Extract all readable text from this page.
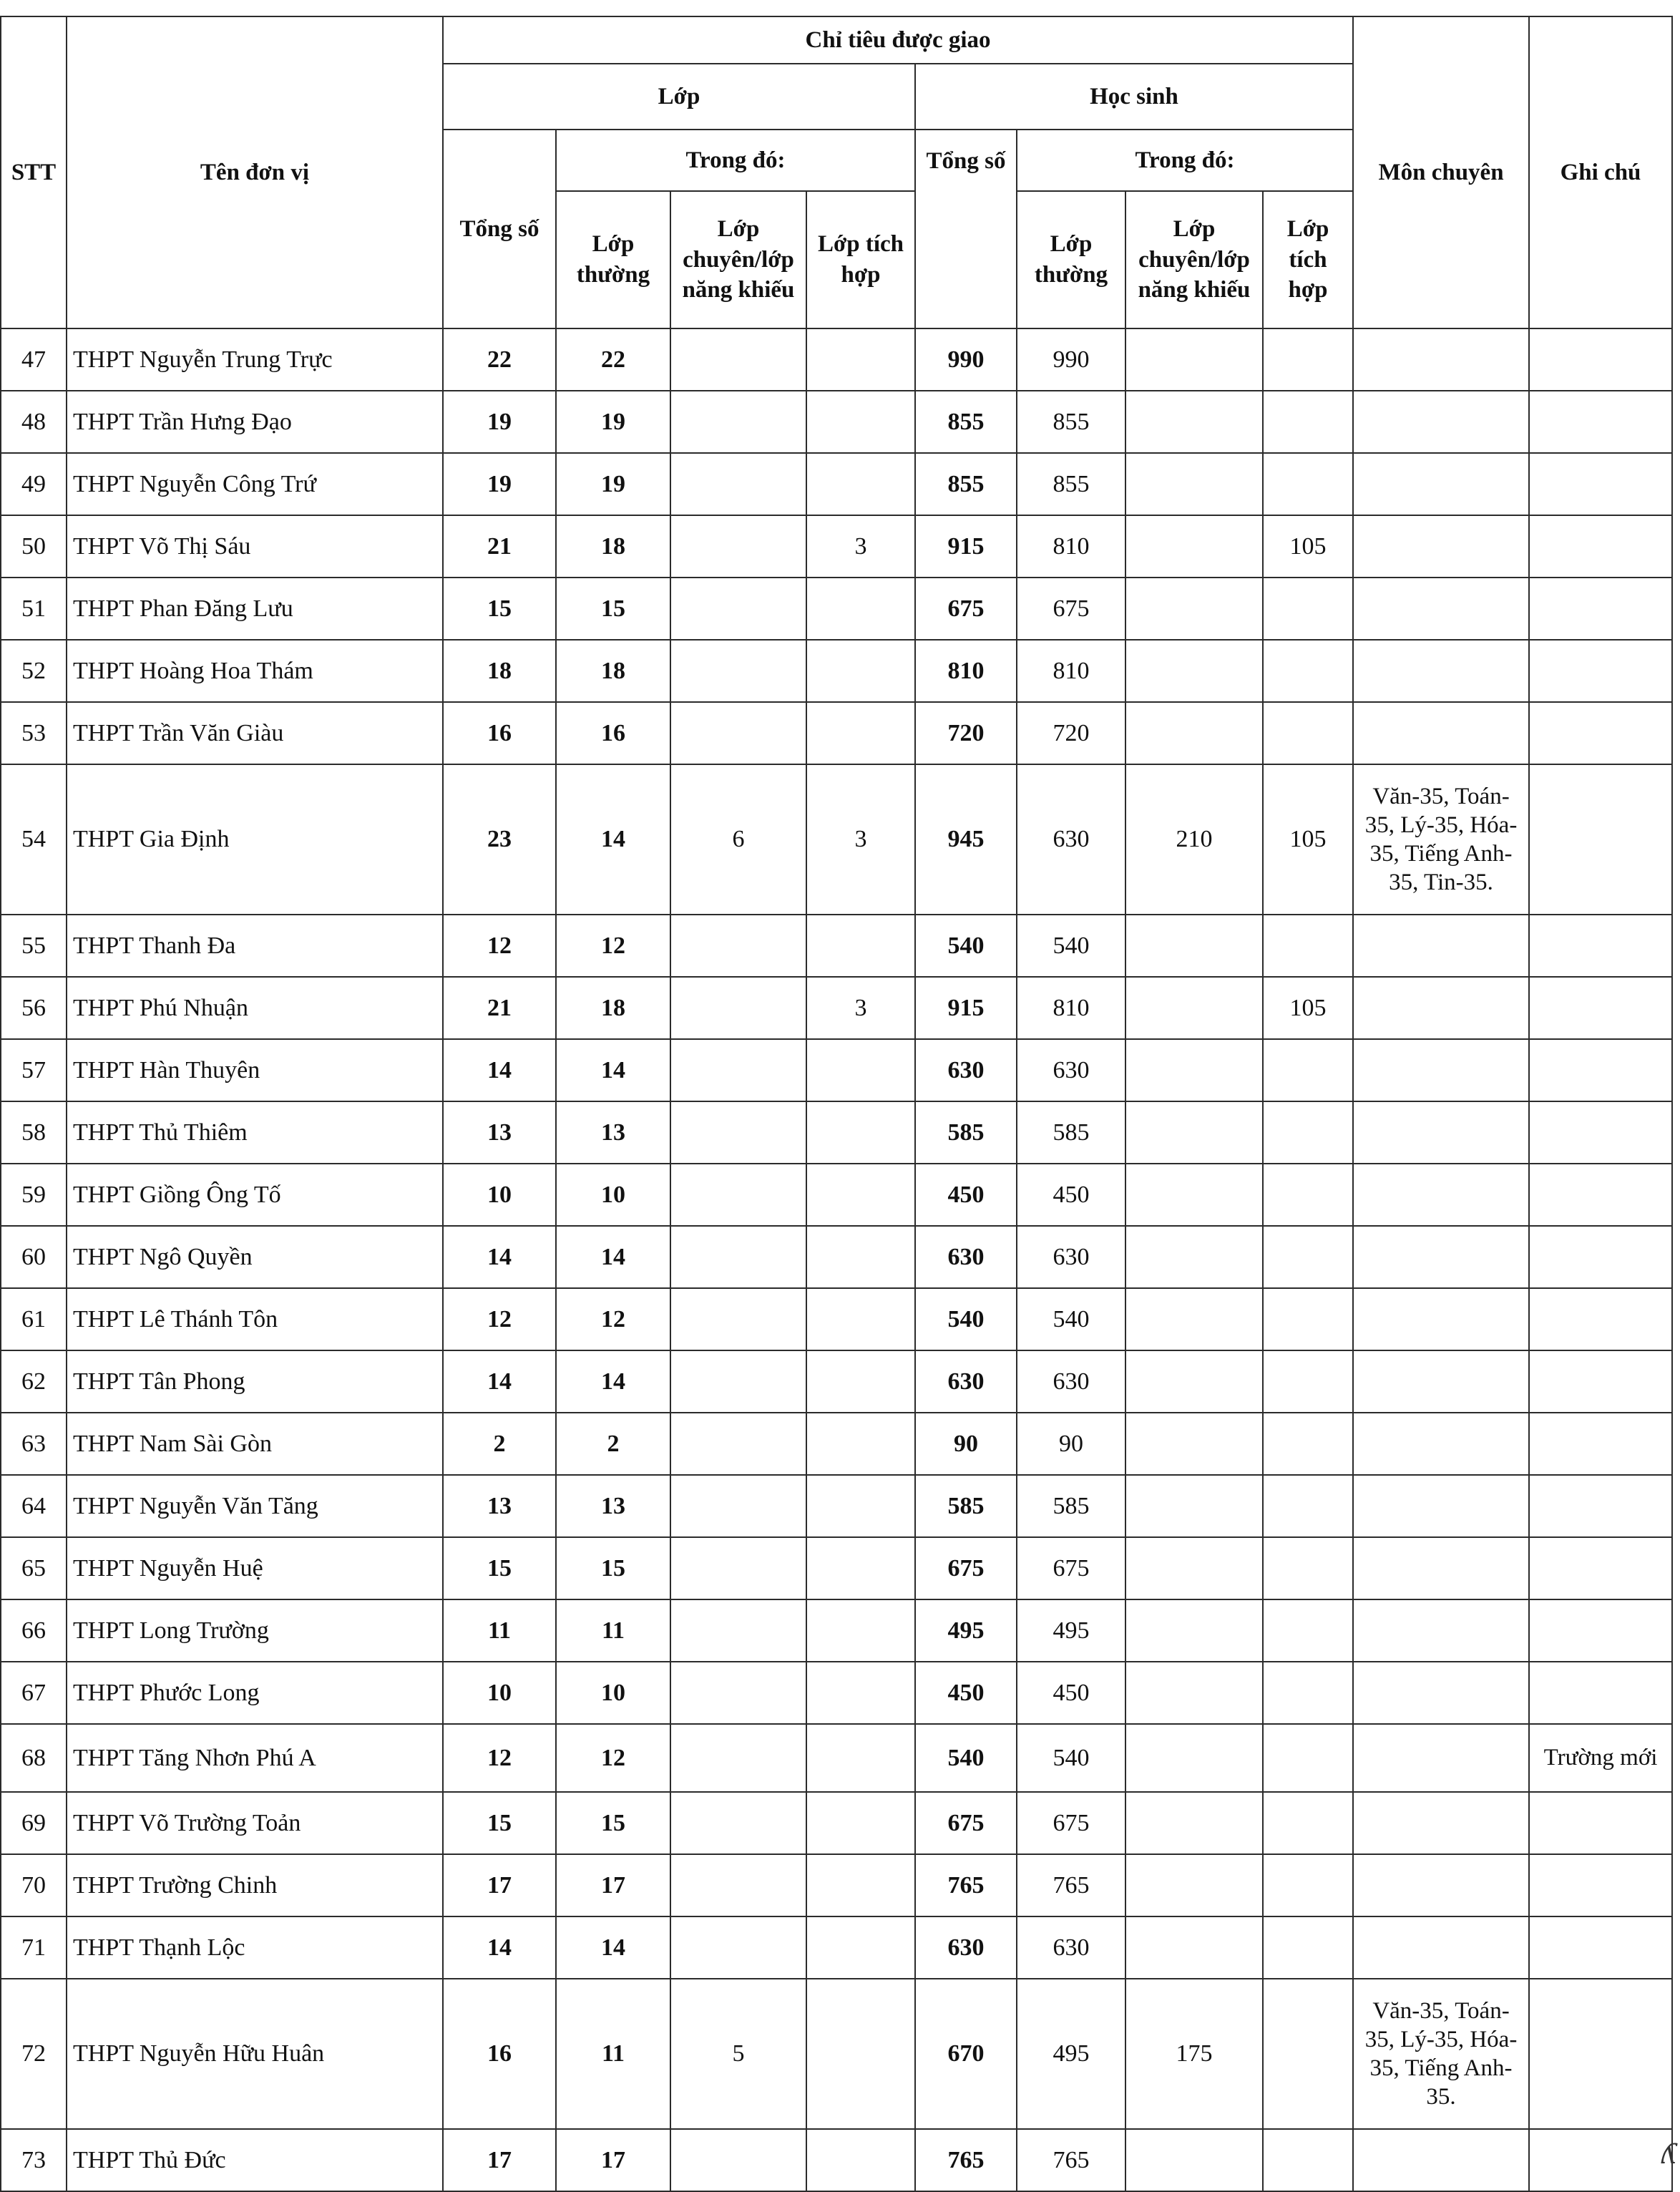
STT	Tên đơn vị	Chỉ tiêu được giao								Môn chuyên	Ghi chú
		Lớp				Học sinh					
		Tổng số	Trong đó:			Tổng số	Trong đó:				
			Lớp thường	Lớp chuyên/lớp năng khiếu	Lớp tích hợp		Lớp thường	Lớp chuyên/lớp năng khiếu	Lớp tích hợp		
47	THPT Nguyễn Trung Trực	22	22			990	990				
48	THPT Trần Hưng Đạo	19	19			855	855				
49	THPT Nguyễn Công Trứ	19	19			855	855				
50	THPT Võ Thị Sáu	21	18		3	915	810		105		
51	THPT Phan Đăng Lưu	15	15			675	675				
52	THPT Hoàng Hoa Thám	18	18			810	810				
53	THPT Trần Văn Giàu	16	16			720	720				
54	THPT Gia Định	23	14	6	3	945	630	210	105	Văn-35, Toán-35, Lý-35, Hóa-35, Tiếng Anh-35, Tin-35.	
55	THPT Thanh Đa	12	12			540	540				
56	THPT Phú Nhuận	21	18		3	915	810		105		
57	THPT Hàn Thuyên	14	14			630	630				
58	THPT Thủ Thiêm	13	13			585	585				
59	THPT Giồng Ông Tố	10	10			450	450				
60	THPT Ngô Quyền	14	14			630	630				
61	THPT Lê Thánh Tôn	12	12			540	540				
62	THPT Tân Phong	14	14			630	630				
63	THPT Nam Sài Gòn	2	2			90	90				
64	THPT Nguyễn Văn Tăng	13	13			585	585				
65	THPT Nguyễn Huệ	15	15			675	675				
66	THPT Long Trường	11	11			495	495				
67	THPT Phước Long	10	10			450	450				
68	THPT Tăng Nhơn Phú A	12	12			540	540				Trường mới
69	THPT Võ Trường Toản	15	15			675	675				
70	THPT Trường Chinh	17	17			765	765				
71	THPT Thạnh Lộc	14	14			630	630				
72	THPT Nguyễn Hữu Huân	16	11	5		670	495	175		Văn-35, Toán-35, Lý-35, Hóa-35, Tiếng Anh-35.	
73	THPT Thủ Đức	17	17			765	765					ʎ
